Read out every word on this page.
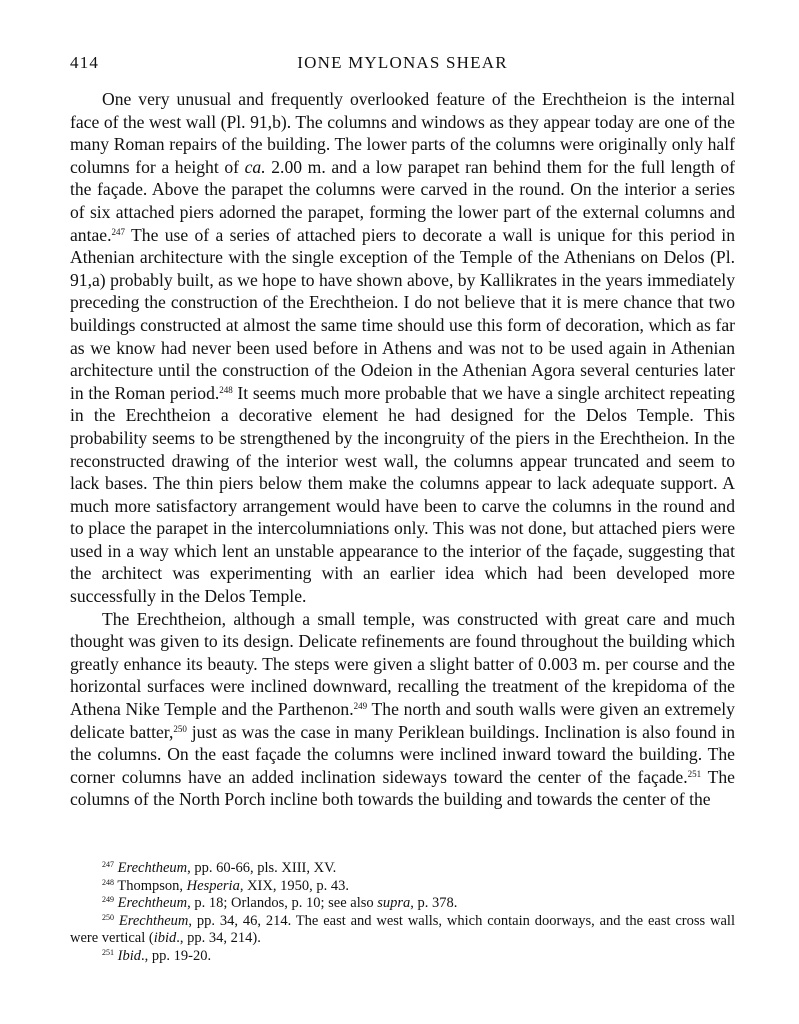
414	IONE MYLONAS SHEAR

One very unusual and frequently overlooked feature of the Erechtheion is the internal face of the west wall (Pl. 91,b). The columns and windows as they appear today are one of the many Roman repairs of the building. The lower parts of the columns were originally only half columns for a height of ca. 2.00 m. and a low parapet ran behind them for the full length of the façade. Above the parapet the columns were carved in the round. On the interior a series of six attached piers adorned the parapet, forming the lower part of the external columns and antae.$^{247}$ The use of a series of attached piers to decorate a wall is unique for this period in Athenian architecture with the single exception of the Temple of the Athenians on Delos (Pl. 91,a) probably built, as we hope to have shown above, by Kallikrates in the years immediately preceding the construction of the Erechtheion. I do not believe that it is mere chance that two buildings constructed at almost the same time should use this form of decoration, which as far as we know had never been used before in Athens and was not to be used again in Athenian architecture until the construction of the Odeion in the Athenian Agora several centuries later in the Roman period.$^{248}$ It seems much more probable that we have a single architect repeating in the Erechtheion a decorative element he had designed for the Delos Temple. This probability seems to be strengthened by the incongruity of the piers in the Erechtheion. In the reconstructed drawing of the interior west wall, the columns appear truncated and seem to lack bases. The thin piers below them make the columns appear to lack adequate support. A much more satisfactory arrangement would have been to carve the columns in the round and to place the parapet in the intercolumniations only. This was not done, but attached piers were used in a way which lent an unstable appearance to the interior of the façade, suggesting that the architect was experimenting with an earlier idea which had been developed more successfully in the Delos Temple.

The Erechtheion, although a small temple, was constructed with great care and much thought was given to its design. Delicate refinements are found throughout the building which greatly enhance its beauty. The steps were given a slight batter of 0.003 m. per course and the horizontal surfaces were inclined downward, recalling the treatment of the krepidoma of the Athena Nike Temple and the Parthenon.$^{249}$ The north and south walls were given an extremely delicate batter,$^{250}$ just as was the case in many Periklean buildings. Inclination is also found in the columns. On the east façade the columns were inclined inward toward the building. The corner columns have an added inclination sideways toward the center of the façade.$^{251}$ The columns of the North Porch incline both towards the building and towards the center of the

$^{247}$ Erechtheum, pp. 60-66, pls. XIII, XV.

$^{248}$ Thompson, Hesperia, XIX, 1950, p. 43.

$^{249}$ Erechtheum, p. 18; Orlandos, p. 10; see also supra, p. 378.

$^{250}$ Erechtheum, pp. 34, 46, 214. The east and west walls, which contain doorways, and the east cross wall were vertical (ibid., pp. 34, 214).

$^{251}$ Ibid., pp. 19-20.
